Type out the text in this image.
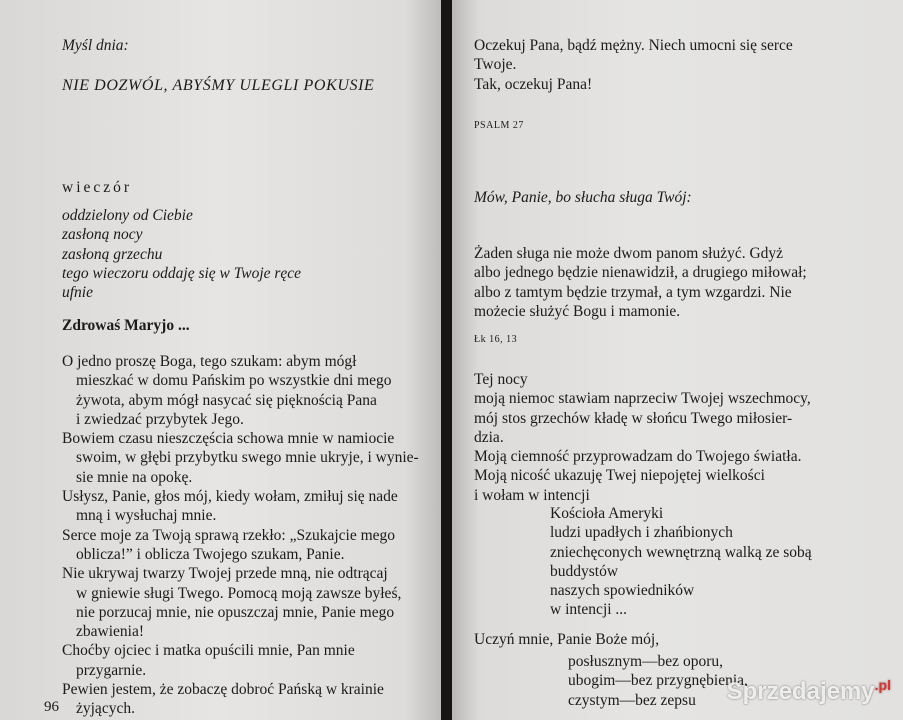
Myśl dnia:
NIE DOZWÓL, ABYŚMY ULEGLI POKUSIE
wieczór
oddzielony od Ciebie
zasłoną nocy
zasłoną grzechu
tego wieczoru oddaję się w Twoje ręce
ufnie
Zdrowaś Maryjo ...
O jedno proszę Boga, tego szukam: abym mógł
mieszkać w domu Pańskim po wszystkie dni mego
żywota, abym mógł nasycać się pięknością Pana
i zwiedzać przybytek Jego.
Bowiem czasu nieszczęścia schowa mnie w namiocie
swoim, w głębi przybytku swego mnie ukryje, i wynie-
sie mnie na opokę.
Usłysz, Panie, głos mój, kiedy wołam, zmiłuj się nade
mną i wysłuchaj mnie.
Serce moje za Twoją sprawą rzekło: „Szukajcie mego
oblicza!” i oblicza Twojego szukam, Panie.
Nie ukrywaj twarzy Twojej przede mną, nie odtrącaj
w gniewie sługi Twego. Pomocą moją zawsze byłeś,
nie porzucaj mnie, nie opuszczaj mnie, Panie mego
zbawienia!
Choćby ojciec i matka opuścili mnie, Pan mnie
przygarnie.
Pewien jestem, że zobaczę dobroć Pańską w krainie
żyjących.
96
Oczekuj Pana, bądź mężny. Niech umocni się serce
Twoje.
Tak, oczekuj Pana!
PSALM 27
Mów, Panie, bo słucha sługa Twój:
Żaden sługa nie może dwom panom służyć. Gdyż
albo jednego będzie nienawidził, a drugiego miłował;
albo z tamtym będzie trzymał, a tym wzgardzi. Nie
możecie służyć Bogu i mamonie.
Łk 16, 13
Tej nocy
moją niemoc stawiam naprzeciw Twojej wszechmocy,
mój stos grzechów kładę w słońcu Twego miłosier-
dzia.
Moją ciemność przyprowadzam do Twojego światła.
Moją nicość ukazuję Twej niepojętej wielkości
i wołam w intencji
Kościoła Ameryki
ludzi upadłych i zhańbionych
zniechęconych wewnętrzną walką ze sobą
buddystów
naszych spowiedników
w intencji ...
Uczyń mnie, Panie Boże mój,
posłusznym—bez oporu,
ubogim—bez przygnębienia,
czystym—bez zepsu	Sprzedajemy$^{.pl}$
